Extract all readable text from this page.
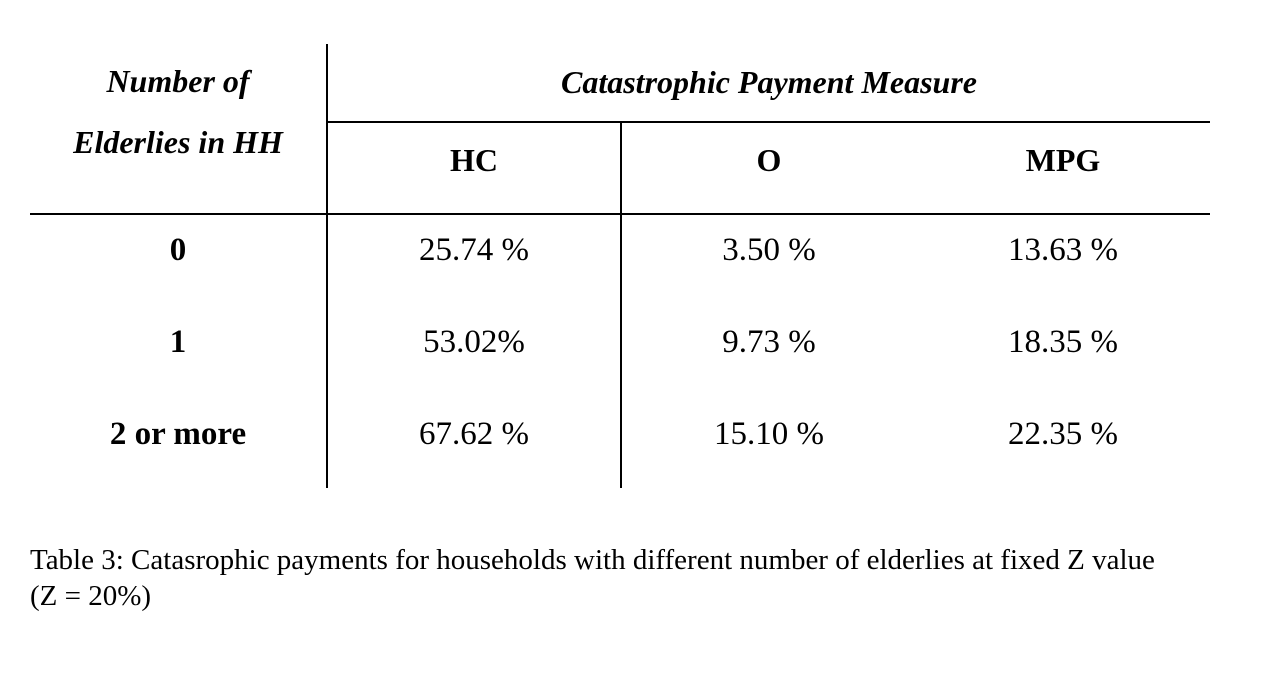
Number of
Elderlies in HH
Catastrophic Payment Measure
HC	O	MPG
0	25.74 %	3.50 %	13.63 %
1	53.02%	9.73 %	18.35 %
2 or more	67.62 %	15.10 %	22.35 %
Table 3: Catasrophic payments for households with different number of elderlies at fixed Z value
(Z = 20%)
